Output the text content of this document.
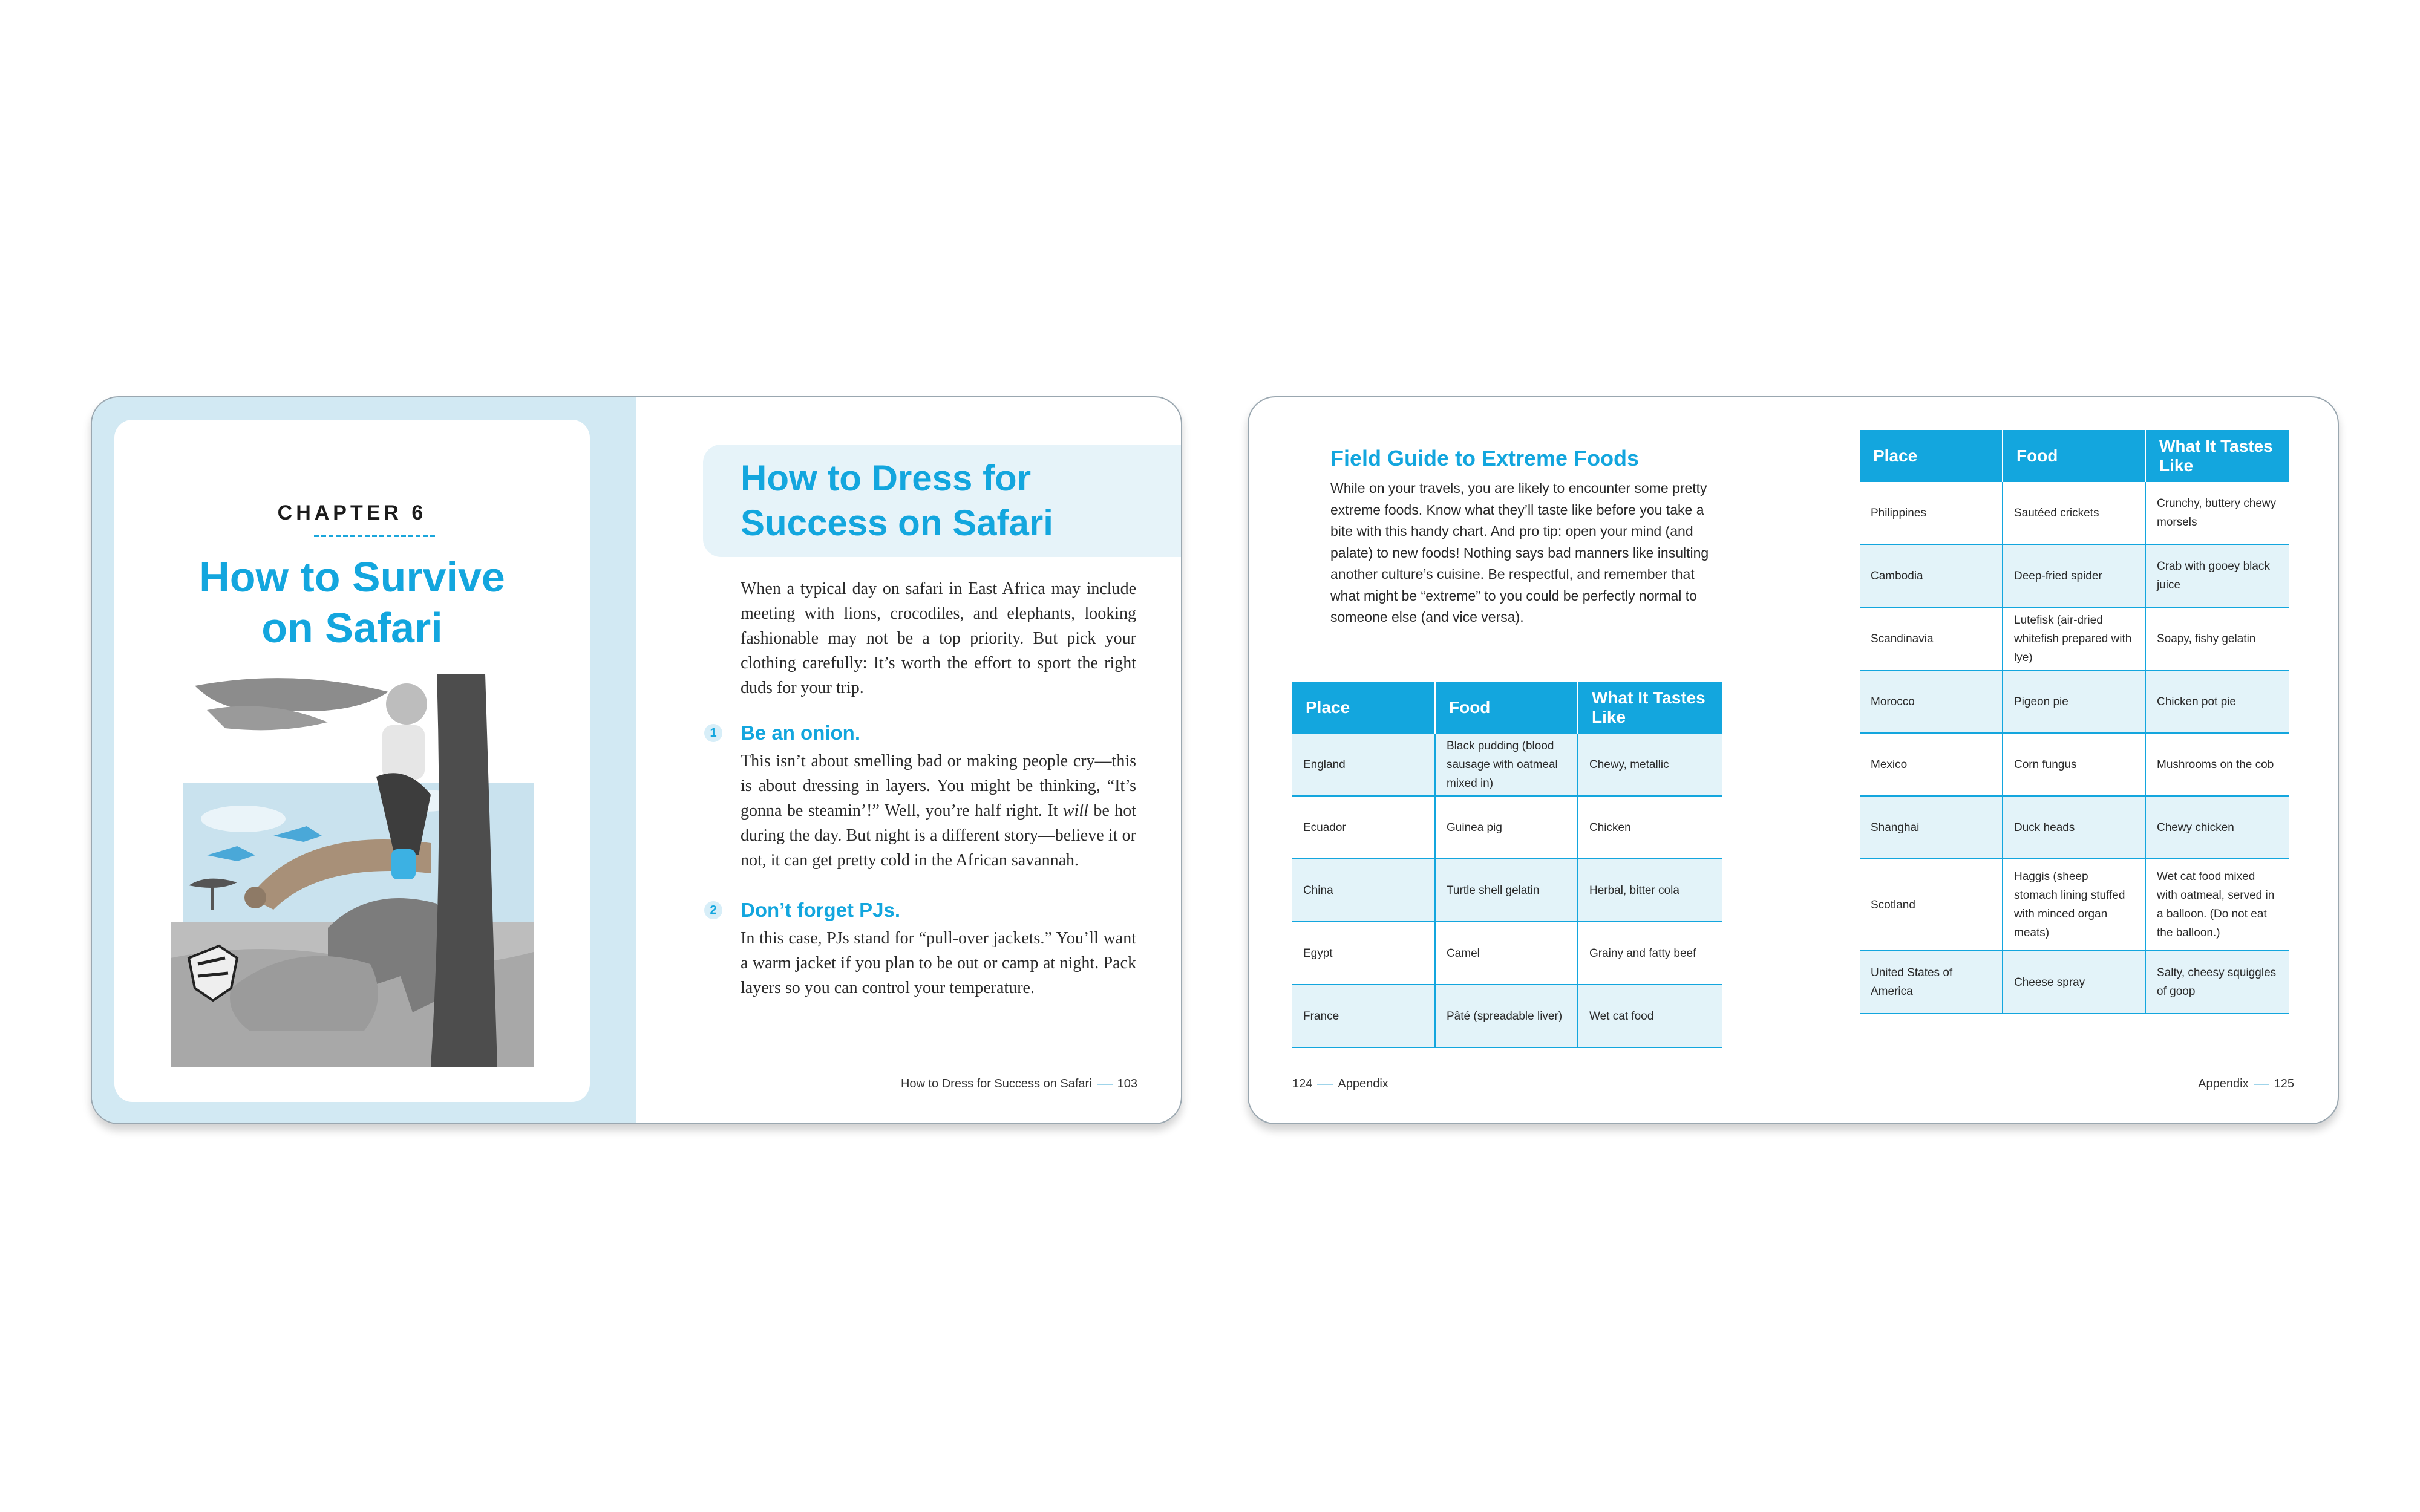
CHAPTER 6
How to Survive
on Safari
How to Dress for
Success on Safari
When a typical day on safari in East Africa may include meeting with lions, crocodiles, and elephants, looking fashionable may not be a top priority. But pick your clothing carefully: It’s worth the effort to sport the right duds for your trip.
1 Be an onion.
This isn’t about smelling bad or making people cry—this is about dressing in layers. You might be thinking, “It’s gonna be steamin’!” Well, you’re half right. It will be hot during the day. But night is a different story—believe it or not, it can get pretty cold in the African savannah.
2 Don’t forget PJs.
In this case, PJs stand for “pull-over jackets.” You’ll want a warm jacket if you plan to be out or camp at night. Pack layers so you can control your temperature.
How to Dress for Success on Safari 103
Field Guide to Extreme Foods
While on your travels, you are likely to encounter some pretty extreme foods. Know what they’ll taste like before you take a bite with this handy chart. And pro tip: open your mind (and palate) to new foods! Nothing says bad manners like insulting another culture’s cuisine. Be respectful, and remember that what might be “extreme” to you could be perfectly normal to someone else (and vice versa).
Place	Food	What It Tastes Like
England	Black pudding (blood sausage with oatmeal mixed in)	Chewy, metallic
Ecuador	Guinea pig	Chicken
China	Turtle shell gelatin	Herbal, bitter cola
Egypt	Camel	Grainy and fatty beef
France	Pâté (spreadable liver)	Wet cat food
Place	Food	What It Tastes Like
Philippines	Sautéed crickets	Crunchy, buttery chewy morsels
Cambodia	Deep-fried spider	Crab with gooey black juice
Scandinavia	Lutefisk (air-dried whitefish prepared with lye)	Soapy, fishy gelatin
Morocco	Pigeon pie	Chicken pot pie
Mexico	Corn fungus	Mushrooms on the cob
Shanghai	Duck heads	Chewy chicken
Scotland	Haggis (sheep stomach lining stuffed with minced organ meats)	Wet cat food mixed with oatmeal, served in a balloon. (Do not eat the balloon.)
United States of America	Cheese spray	Salty, cheesy squiggles of goop
124 Appendix	Appendix 125
